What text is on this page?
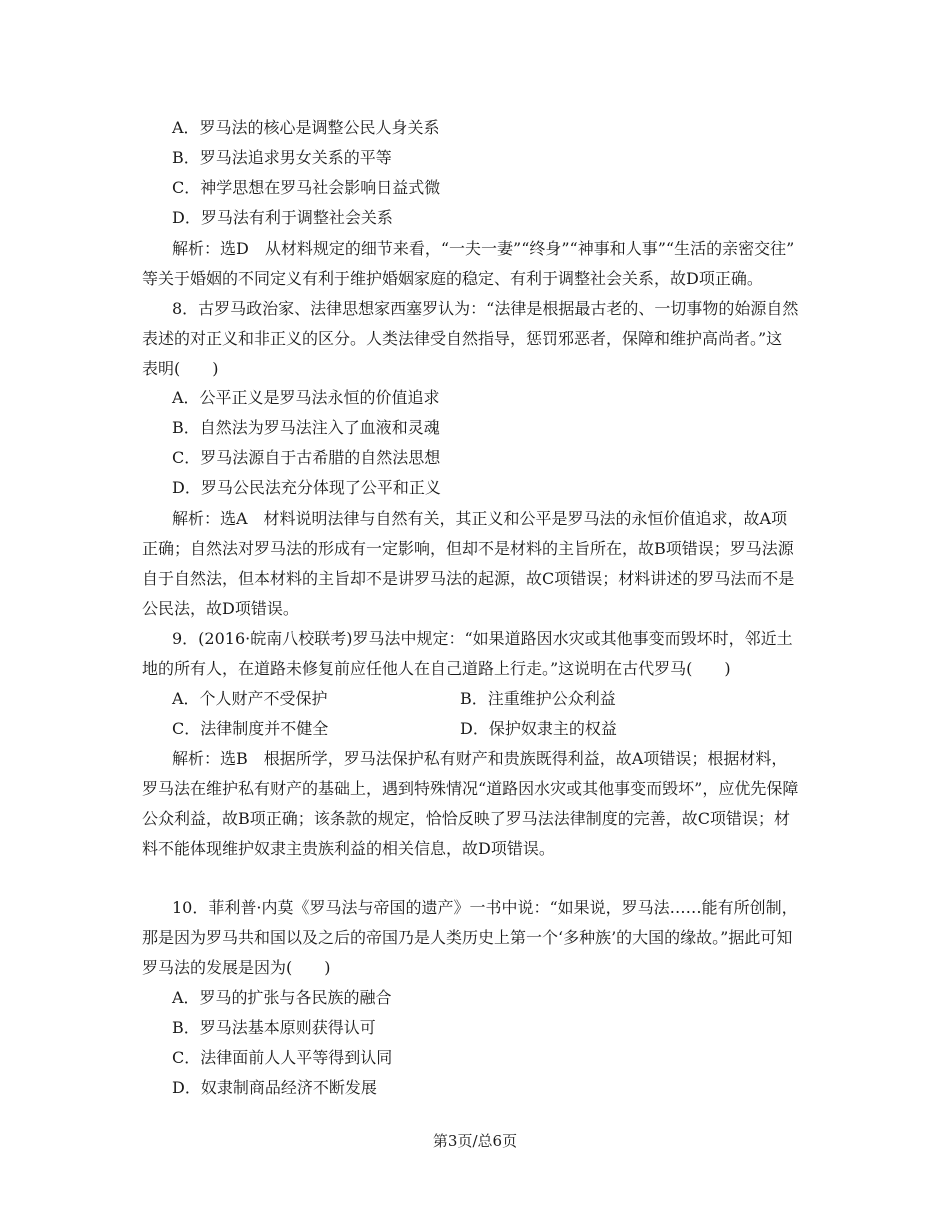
A．罗马法的核心是调整公民人身关系
B．罗马法追求男女关系的平等
C．神学思想在罗马社会影响日益式微
D．罗马法有利于调整社会关系
解析：选D　从材料规定的细节来看，“一夫一妻”“终身”“神事和人事”“生活的亲密交往”
等关于婚姻的不同定义有利于维护婚姻家庭的稳定、有利于调整社会关系，故D项正确。
8．古罗马政治家、法律思想家西塞罗认为：“法律是根据最古老的、一切事物的始源自然
表述的对正义和非正义的区分。人类法律受自然指导，惩罚邪恶者，保障和维护高尚者。”这
表明(　　)
A．公平正义是罗马法永恒的价值追求
B．自然法为罗马法注入了血液和灵魂
C．罗马法源自于古希腊的自然法思想
D．罗马公民法充分体现了公平和正义
解析：选A　材料说明法律与自然有关，其正义和公平是罗马法的永恒价值追求，故A项
正确；自然法对罗马法的形成有一定影响，但却不是材料的主旨所在，故B项错误；罗马法源
自于自然法，但本材料的主旨却不是讲罗马法的起源，故C项错误；材料讲述的罗马法而不是
公民法，故D项错误。
9．(2016·皖南八校联考)罗马法中规定：“如果道路因水灾或其他事变而毁坏时，邻近土
地的所有人，在道路未修复前应任他人在自己道路上行走。”这说明在古代罗马(　　)
A．个人财产不受保护	B．注重维护公众利益
C．法律制度并不健全	D．保护奴隶主的权益
解析：选B　根据所学，罗马法保护私有财产和贵族既得利益，故A项错误；根据材料，
罗马法在维护私有财产的基础上，遇到特殊情况“道路因水灾或其他事变而毁坏”，应优先保障
公众利益，故B项正确；该条款的规定，恰恰反映了罗马法法律制度的完善，故C项错误；材
料不能体现维护奴隶主贵族利益的相关信息，故D项错误。
10．菲利普·内莫《罗马法与帝国的遗产》一书中说：“如果说，罗马法……能有所创制，
那是因为罗马共和国以及之后的帝国乃是人类历史上第一个‘多种族’的大国的缘故。”据此可知
罗马法的发展是因为(　　)
A．罗马的扩张与各民族的融合
B．罗马法基本原则获得认可
C．法律面前人人平等得到认同
D．奴隶制商品经济不断发展
第3页/总6页
